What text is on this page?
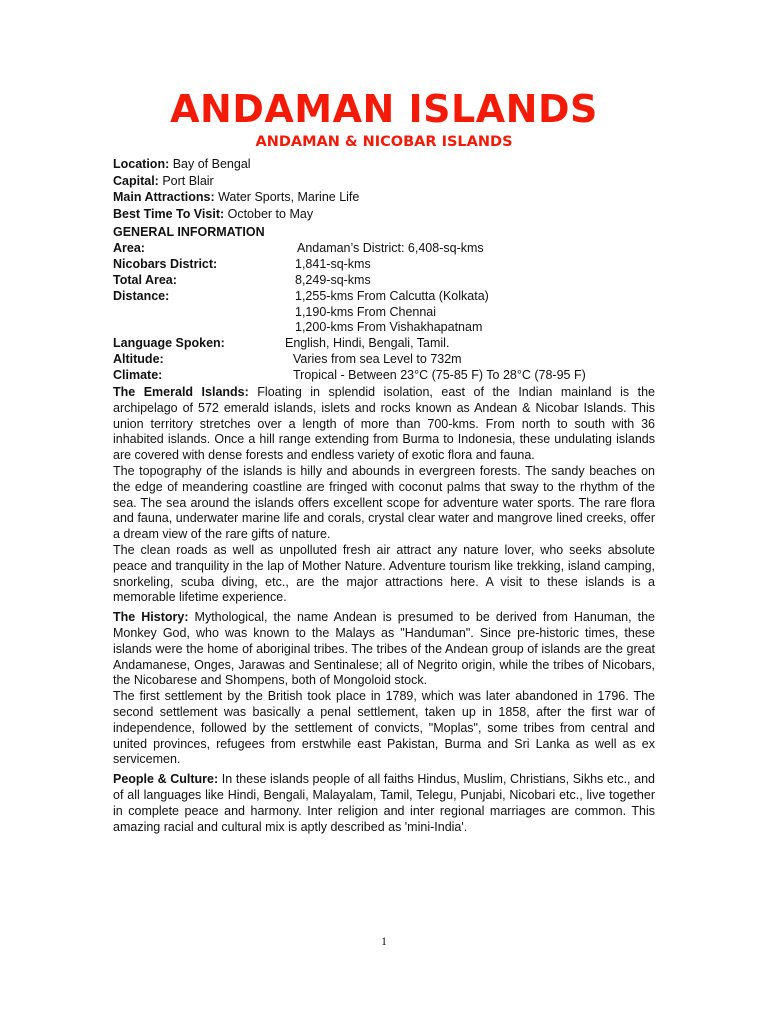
ANDAMAN ISLANDS
ANDAMAN & NICOBAR ISLANDS
Location: Bay of Bengal
Capital: Port Blair
Main Attractions: Water Sports, Marine Life
Best Time To Visit: October to May
GENERAL INFORMATION
Area:	Andaman’s District: 6,408-sq-kms
Nicobars District:	1,841-sq-kms
Total Area:	8,249-sq-kms
Distance:	1,255-kms From Calcutta (Kolkata)
1,190-kms From Chennai
1,200-kms From Vishakhapatnam
Language Spoken:	English, Hindi, Bengali, Tamil.
Altitude:	Varies from sea Level to 732m
Climate:	Tropical - Between 23°C (75-85 F) To 28°C (78-95 F)

The Emerald Islands: Floating in splendid isolation, east of the Indian mainland is the archipelago of 572 emerald islands, islets and rocks known as Andean & Nicobar Islands. This union territory stretches over a length of more than 700-kms. From north to south with 36 inhabited islands. Once a hill range extending from Burma to Indonesia, these undulating islands are covered with dense forests and endless variety of exotic flora and fauna.

The topography of the islands is hilly and abounds in evergreen forests. The sandy beaches on the edge of meandering coastline are fringed with coconut palms that sway to the rhythm of the sea. The sea around the islands offers excellent scope for adventure water sports. The rare flora and fauna, underwater marine life and corals, crystal clear water and mangrove lined creeks, offer a dream view of the rare gifts of nature.

The clean roads as well as unpolluted fresh air attract any nature lover, who seeks absolute peace and tranquility in the lap of Mother Nature. Adventure tourism like trekking, island camping, snorkeling, scuba diving, etc., are the major attractions here. A visit to these islands is a memorable lifetime experience.

The History: Mythological, the name Andean is presumed to be derived from Hanuman, the Monkey God, who was known to the Malays as "Handuman". Since pre-historic times, these islands were the home of aboriginal tribes. The tribes of the Andean group of islands are the great Andamanese, Onges, Jarawas and Sentinalese; all of Negrito origin, while the tribes of Nicobars, the Nicobarese and Shompens, both of Mongoloid stock.

The first settlement by the British took place in 1789, which was later abandoned in 1796. The second settlement was basically a penal settlement, taken up in 1858, after the first war of independence, followed by the settlement of convicts, "Moplas", some tribes from central and united provinces, refugees from erstwhile east Pakistan, Burma and Sri Lanka as well as ex servicemen.

People & Culture: In these islands people of all faiths Hindus, Muslim, Christians, Sikhs etc., and of all languages like Hindi, Bengali, Malayalam, Tamil, Telegu, Punjabi, Nicobari etc., live together in complete peace and harmony. Inter religion and inter regional marriages are common. This amazing racial and cultural mix is aptly described as 'mini-India'.

1
